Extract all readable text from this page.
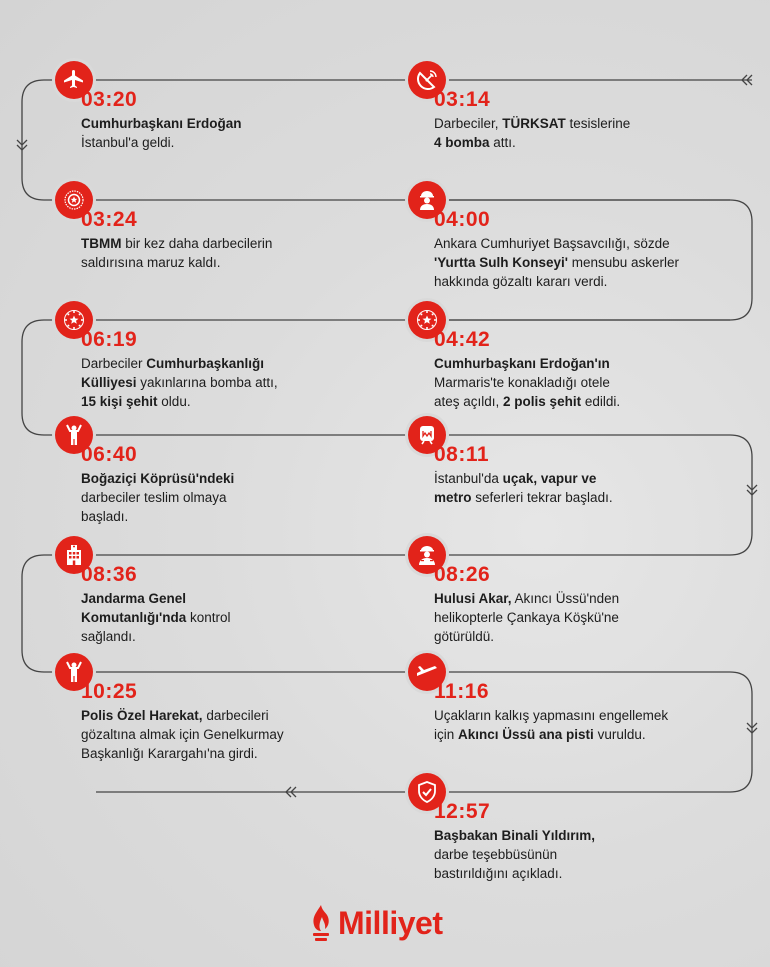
03:14
Darbeciler, TÜRKSAT tesislerine
4 bomba attı.
03:20
Cumhurbaşkanı Erdoğan
İstanbul'a geldi.
04:00
Ankara Cumhuriyet Başsavcılığı, sözde
'Yurtta Sulh Konseyi' mensubu askerler
hakkında gözaltı kararı verdi.
03:24
TBMM bir kez daha darbecilerin
saldırısına maruz kaldı.
04:42
Cumhurbaşkanı Erdoğan'ın
Marmaris'te konakladığı otele
ateş açıldı, 2 polis şehit edildi.
06:19
Darbeciler Cumhurbaşkanlığı
Külliyesi yakınlarına bomba attı,
15 kişi şehit oldu.
08:11
İstanbul'da uçak, vapur ve
metro seferleri tekrar başladı.
06:40
Boğaziçi Köprüsü'ndeki
darbeciler teslim olmaya
başladı.
08:26
Hulusi Akar, Akıncı Üssü'nden
helikopterle Çankaya Köşkü'ne
götürüldü.
08:36
Jandarma Genel
Komutanlığı'nda kontrol
sağlandı.
11:16
Uçakların kalkış yapmasını engellemek
için Akıncı Üssü ana pisti vuruldu.
10:25
Polis Özel Harekat, darbecileri
gözaltına almak için Genelkurmay
Başkanlığı Karargahı'na girdi.
12:57
Başbakan Binali Yıldırım,
darbe teşebbüsünün
bastırıldığını açıkladı.
Milliyet
